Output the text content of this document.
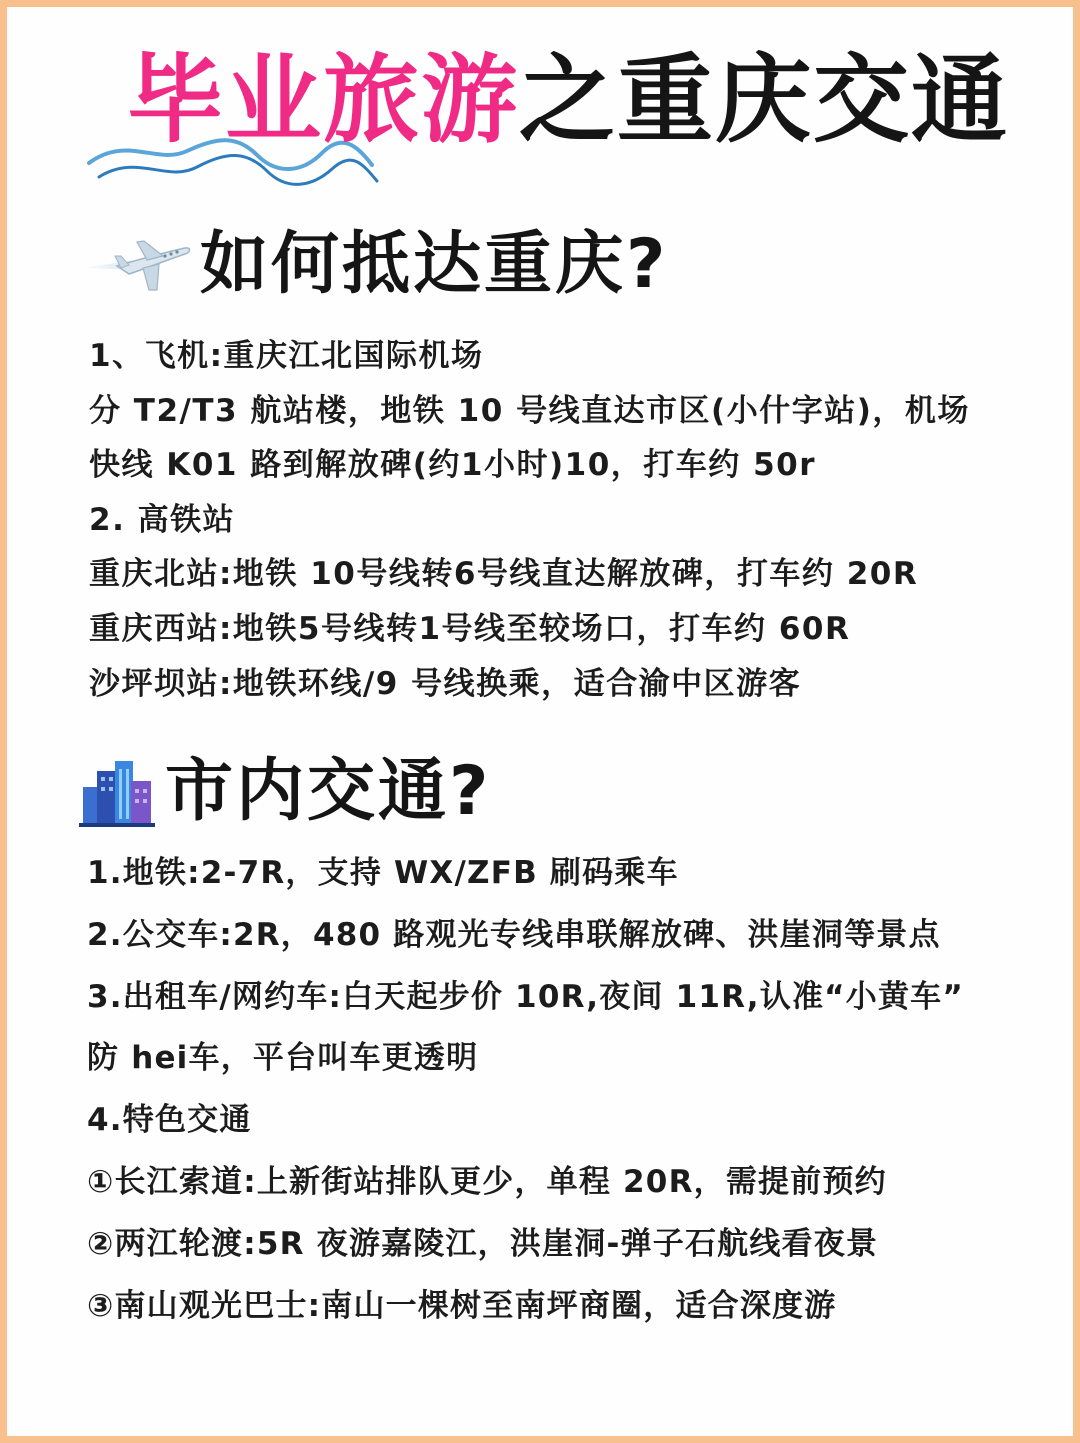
毕业旅游之重庆交通
如何抵达重庆?
1、飞机:重庆江北国际机场
分 T2/T3 航站楼，地铁 10 号线直达市区(小什字站)，机场
快线 K01 路到解放碑(约1小时)10，打车约 50r
2. 高铁站
重庆北站:地铁 10号线转6号线直达解放碑，打车约 20R
重庆西站:地铁5号线转1号线至较场口，打车约 60R
沙坪坝站:地铁环线/9 号线换乘，适合渝中区游客
市内交通?
1.地铁:2-7R，支持 WX/ZFB 刷码乘车
2.公交车:2R，480 路观光专线串联解放碑、洪崖洞等景点
3.出租车/网约车:白天起步价 10R,夜间 11R,认准“小黄车”
防 hei车，平台叫车更透明
4.特色交通
①长江索道:上新街站排队更少，单程 20R，需提前预约
②两江轮渡:5R 夜游嘉陵江，洪崖洞-弹子石航线看夜景
③南山观光巴士:南山一棵树至南坪商圈，适合深度游
